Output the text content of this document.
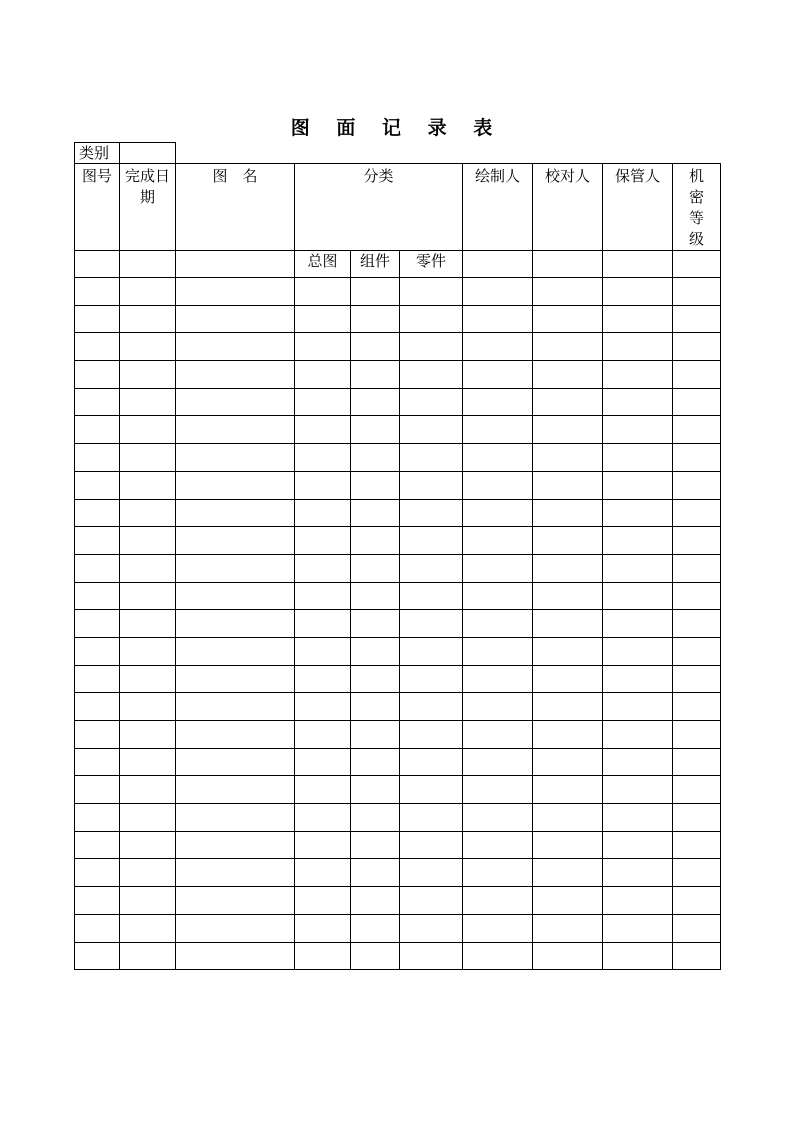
图 面 记 录 表
类别	
图号	完成日期	图　名	分类			绘制人	校对人	保管人	机密等级

			总图	组件	零件				
